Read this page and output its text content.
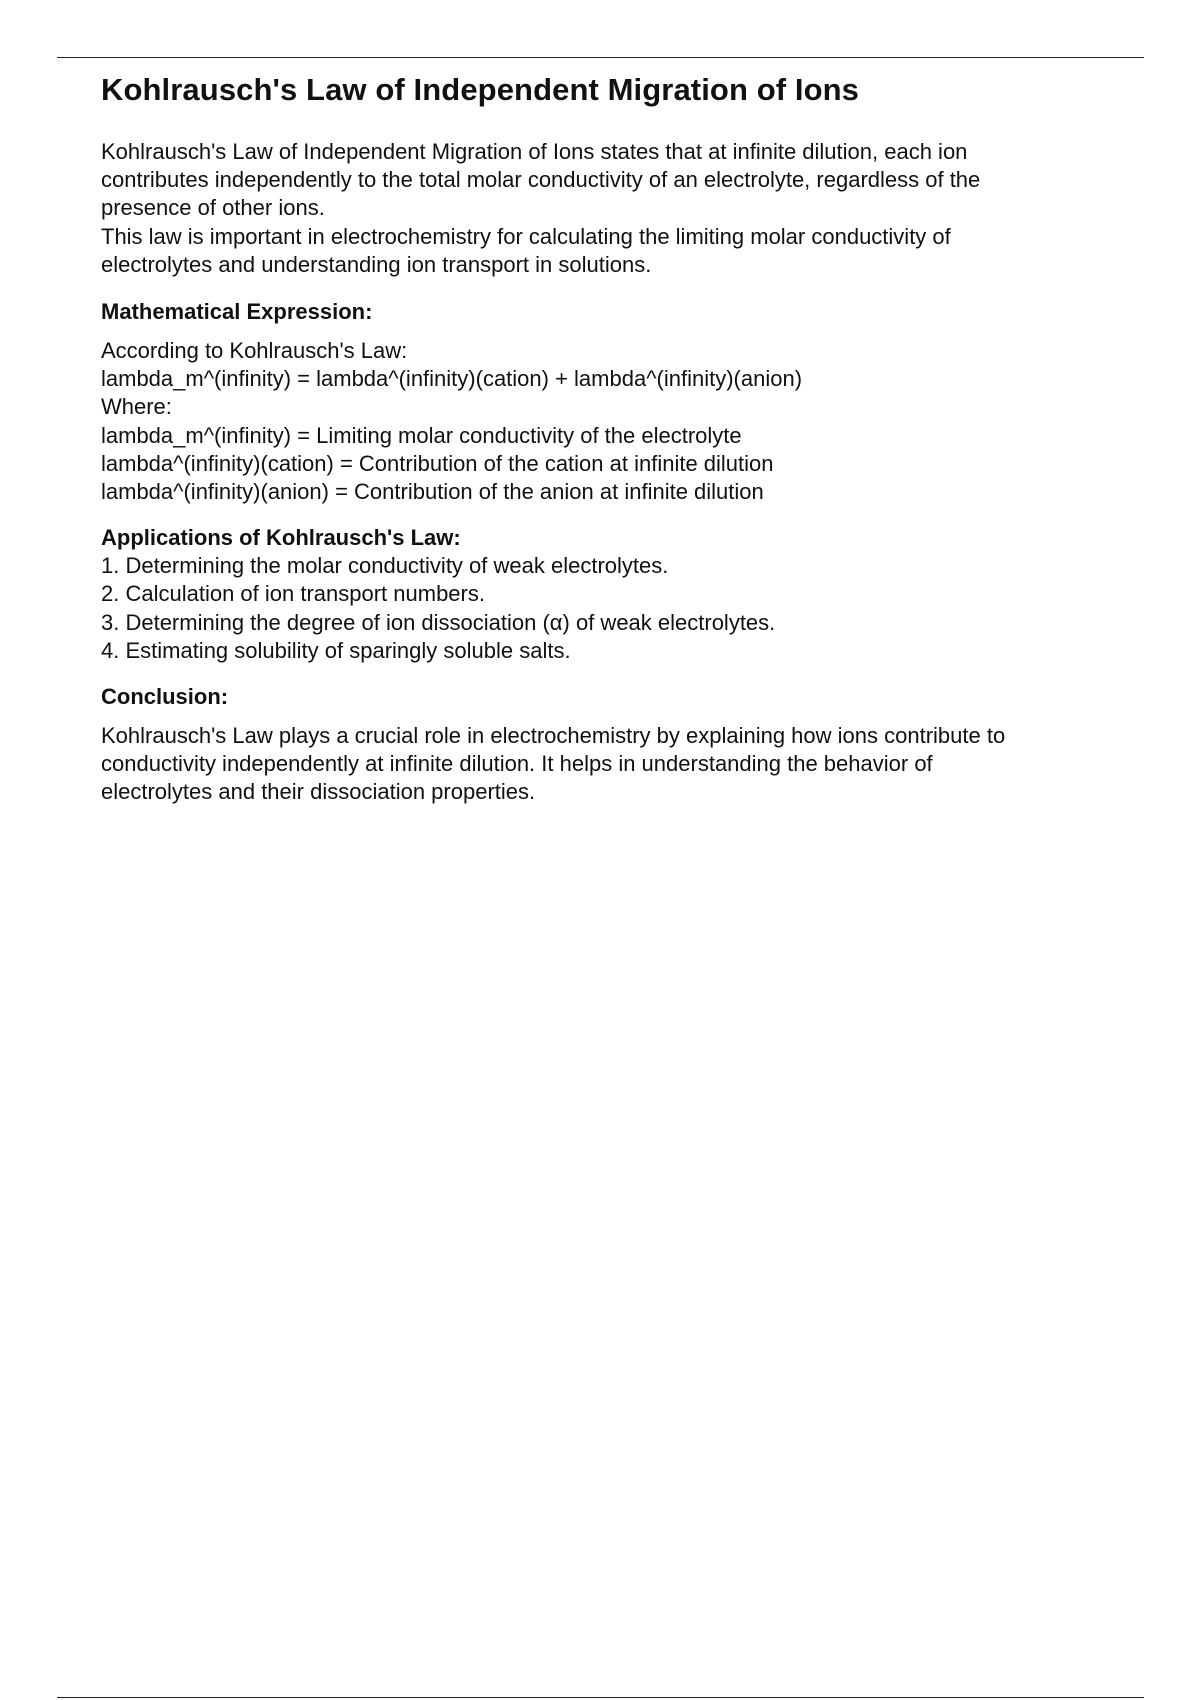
Kohlrausch's Law of Independent Migration of Ions

Kohlrausch's Law of Independent Migration of Ions states that at infinite dilution, each ion
contributes independently to the total molar conductivity of an electrolyte, regardless of the
presence of other ions.
This law is important in electrochemistry for calculating the limiting molar conductivity of
electrolytes and understanding ion transport in solutions.

Mathematical Expression:

According to Kohlrausch's Law:
lambda_m^(infinity) = lambda^(infinity)(cation) + lambda^(infinity)(anion)
Where:
lambda_m^(infinity) = Limiting molar conductivity of the electrolyte
lambda^(infinity)(cation) = Contribution of the cation at infinite dilution
lambda^(infinity)(anion) = Contribution of the anion at infinite dilution

Applications of Kohlrausch's Law:
1. Determining the molar conductivity of weak electrolytes.
2. Calculation of ion transport numbers.
3. Determining the degree of ion dissociation (α) of weak electrolytes.
4. Estimating solubility of sparingly soluble salts.
Conclusion:

Kohlrausch's Law plays a crucial role in electrochemistry by explaining how ions contribute to
conductivity independently at infinite dilution. It helps in understanding the behavior of
electrolytes and their dissociation properties.
